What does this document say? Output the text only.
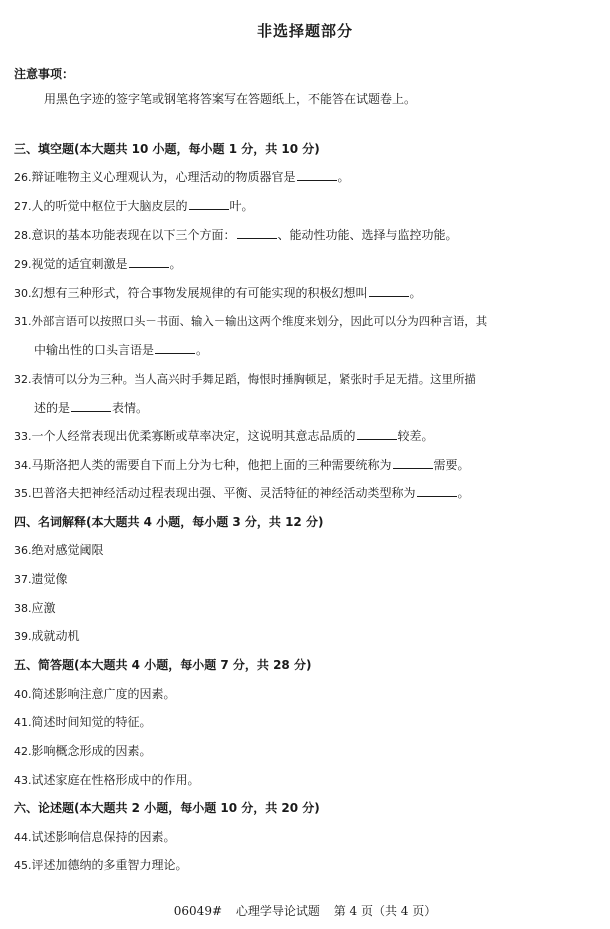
非选择题部分
注意事项：
用黑色字迹的签字笔或钢笔将答案写在答题纸上，不能答在试题卷上。
三、填空题(本大题共 10 小题，每小题 1 分，共 10 分)
26.辩证唯物主义心理观认为，心理活动的物质器官是	。
27.人的听觉中枢位于大脑皮层的	叶。
28.意识的基本功能表现在以下三个方面：	、能动性功能、选择与监控功能。
29.视觉的适宜刺激是	。
30.幻想有三种形式，符合事物发展规律的有可能实现的积极幻想叫	。
31.外部言语可以按照口头－书面、输入－输出这两个维度来划分，因此可以分为四种言语，其
中输出性的口头言语是	。
32.表情可以分为三种。当人高兴时手舞足蹈，悔恨时捶胸顿足，紧张时手足无措。这里所描
述的是	表情。
33.一个人经常表现出优柔寡断或草率决定，这说明其意志品质的	较差。
34.马斯洛把人类的需要自下而上分为七种，他把上面的三种需要统称为	需要。
35.巴普洛夫把神经活动过程表现出强、平衡、灵活特征的神经活动类型称为	。
四、名词解释(本大题共 4 小题，每小题 3 分，共 12 分)
36.绝对感觉阈限
37.遗觉像
38.应激
39.成就动机
五、简答题(本大题共 4 小题，每小题 7 分，共 28 分)
40.简述影响注意广度的因素。
41.简述时间知觉的特征。
42.影响概念形成的因素。
43.试述家庭在性格形成中的作用。
六、论述题(本大题共 2 小题，每小题 10 分，共 20 分)
44.试述影响信息保持的因素。
45.评述加德纳的多重智力理论。
06049# 心理学导论试题 第 4 页（共 4 页）
